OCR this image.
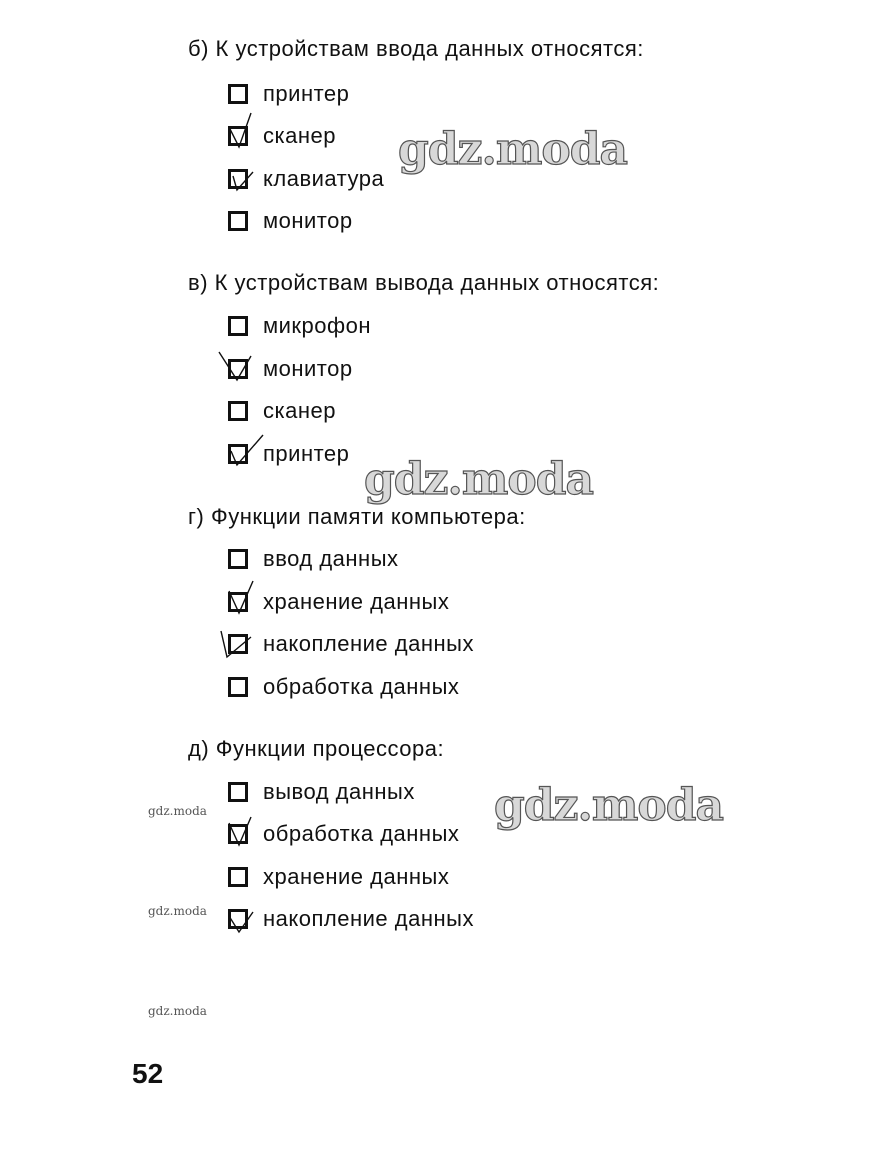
б) К устройствам ввода данных относятся:
принтер
сканер
клавиатура
монитор
в) К устройствам вывода данных относятся:
микрофон
монитор
сканер
принтер
г) Функции памяти компьютера:
ввод данных
хранение данных
накопление данных
обработка данных
д) Функции процессора:
вывод данных
обработка данных
хранение данных
накопление данных
gdz.moda
gdz.moda
gdz.moda
gdz.moda
gdz.moda
gdz.moda
52
